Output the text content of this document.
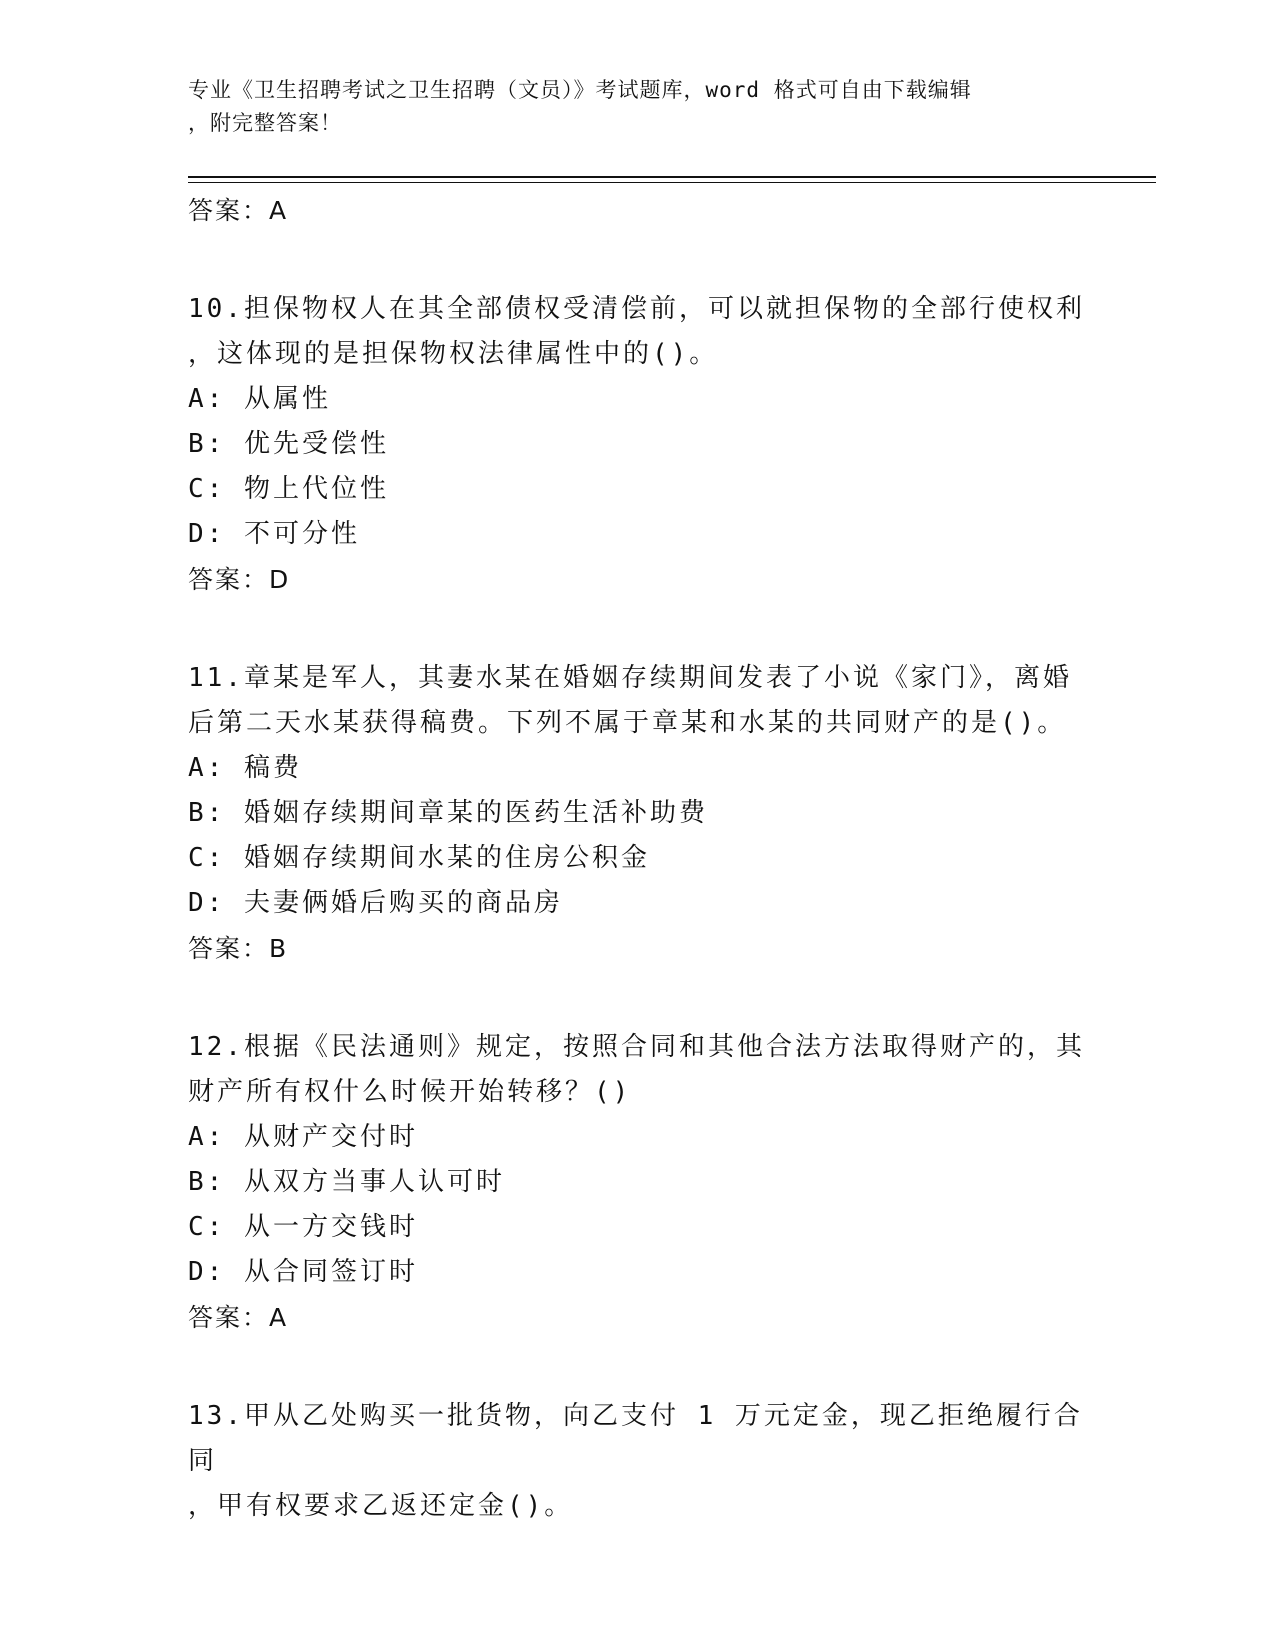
专业《卫生招聘考试之卫生招聘（文员）》考试题库，word 格式可自由下载编辑
，附完整答案！
答案：A
10.担保物权人在其全部债权受清偿前，可以就担保物的全部行使权利
，这体现的是担保物权法律属性中的()。
A: 从属性
B: 优先受偿性
C: 物上代位性
D: 不可分性
答案：D
11.章某是军人，其妻水某在婚姻存续期间发表了小说《家门》，离婚
后第二天水某获得稿费。下列不属于章某和水某的共同财产的是()。
A: 稿费
B: 婚姻存续期间章某的医药生活补助费
C: 婚姻存续期间水某的住房公积金
D: 夫妻俩婚后购买的商品房
答案：B
12.根据《民法通则》规定，按照合同和其他合法方法取得财产的，其
财产所有权什么时候开始转移？()
A: 从财产交付时
B: 从双方当事人认可时
C: 从一方交钱时
D: 从合同签订时
答案：A
13.甲从乙处购买一批货物，向乙支付 1 万元定金，现乙拒绝履行合同
，甲有权要求乙返还定金()。
